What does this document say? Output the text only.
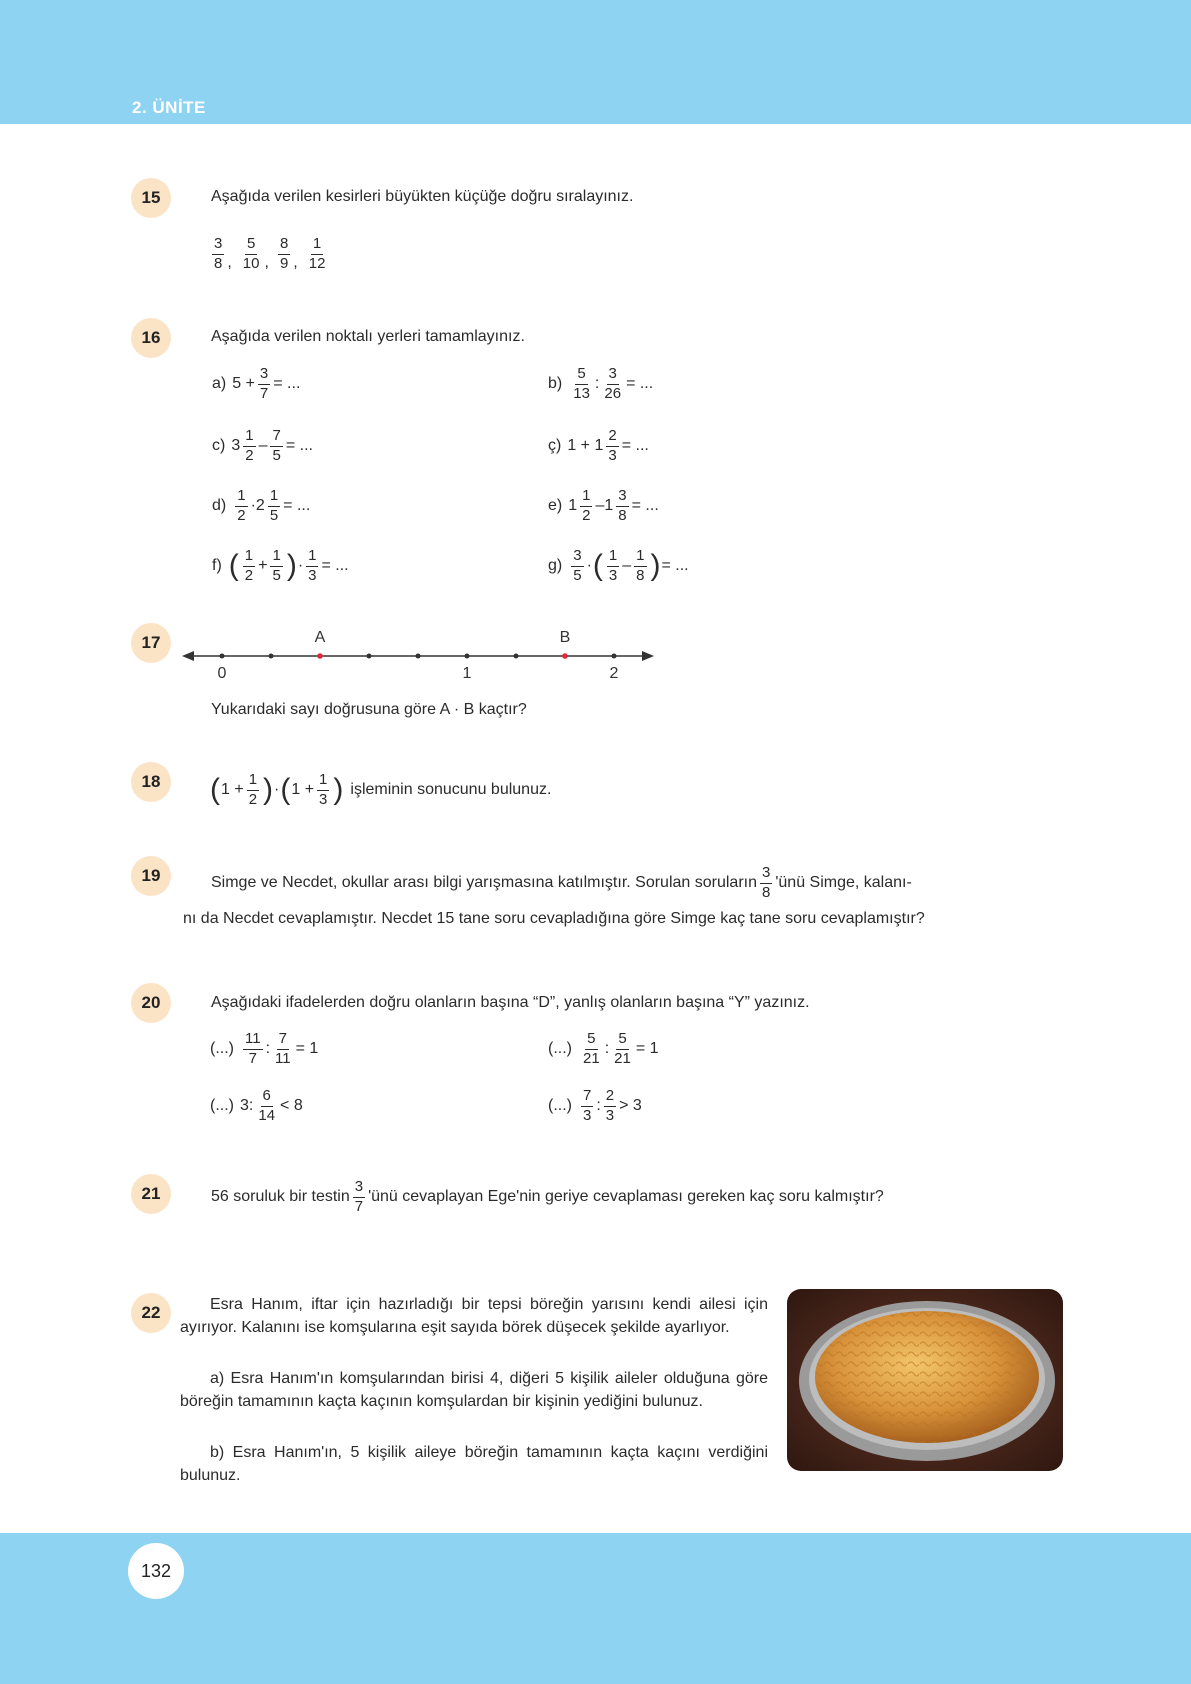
2. ÜNİTE
15	Aşağıda verilen kesirleri büyükten küçüğe doğru sıralayınız.
$\frac{3}{8}$ , $\frac{5}{10}$ , $\frac{8}{9}$ , $\frac{1}{12}$
16	Aşağıda verilen noktalı yerleri tamamlayınız.
a) $5 + \frac{3}{7}$ = ...	$b) \frac{5}{13}$ : $\frac{3}{26}$ = ...
c) $3 \frac{1}{2} - \frac{7}{5}$ = ...	ç) $1 + 1 \frac{2}{3}$ = ...
$d) \frac{1}{2} \cdot 2 \frac{1}{5}$ = ...	e) $1 \frac{1}{2} - 1 \frac{3}{8}$ = ...
f) ( $\frac{1}{2} + \frac{1}{5}$ ) · $\frac{1}{3}$ = ...	$g) \frac{3}{5}$ · ( $\frac{1}{3} - \frac{1}{8}$ ) = ...
17	A	B
0	1	2
Yukarıdaki sayı doğrusuna göre A · B kaçtır?
18	( $1 + \frac{1}{2}$ ) · ( $1 + \frac{1}{3}$ ) işleminin sonucunu bulunuz.
19	Simge ve Necdet, okullar arası bilgi yarışmasına katılmıştır. Sorulan soruların $\frac{3}{8}$ 'ünü Simge, kalanı-
nı da Necdet cevaplamıştır. Necdet 15 tane soru cevapladığına göre Simge kaç tane soru cevaplamıştır?
20	Aşağıdaki ifadelerden doğru olanların başına “D”, yanlış olanların başına “Y” yazınız.
(...) $\frac{11}{7}$ : $\frac{7}{11} = 1$	(...) $\frac{5}{21}$ : $\frac{5}{21} = 1$
(...) 3 : $\frac{6}{14} < 8$	(...) $\frac{7}{3}$ : $\frac{2}{3} > 3$
21	56 soruluk bir testin $\frac{3}{7}$ 'ünü cevaplayan Ege'nin geriye cevaplaması gereken kaç soru kalmıştır?
22	Esra Hanım, iftar için hazırladığı bir tepsi böreğin yarısını kendi ailesi için ayırıyor. Kalanını ise komşularına eşit sayıda börek düşecek şekilde ayarlıyor.
a) Esra Hanım'ın komşularından birisi 4, diğeri 5 kişilik aileler olduğuna göre böreğin tamamının kaçta kaçının komşulardan bir kişinin yediğini bulunuz.
b) Esra Hanım'ın, 5 kişilik aileye böreğin tamamının kaçta kaçını verdiğini bulunuz.
132
